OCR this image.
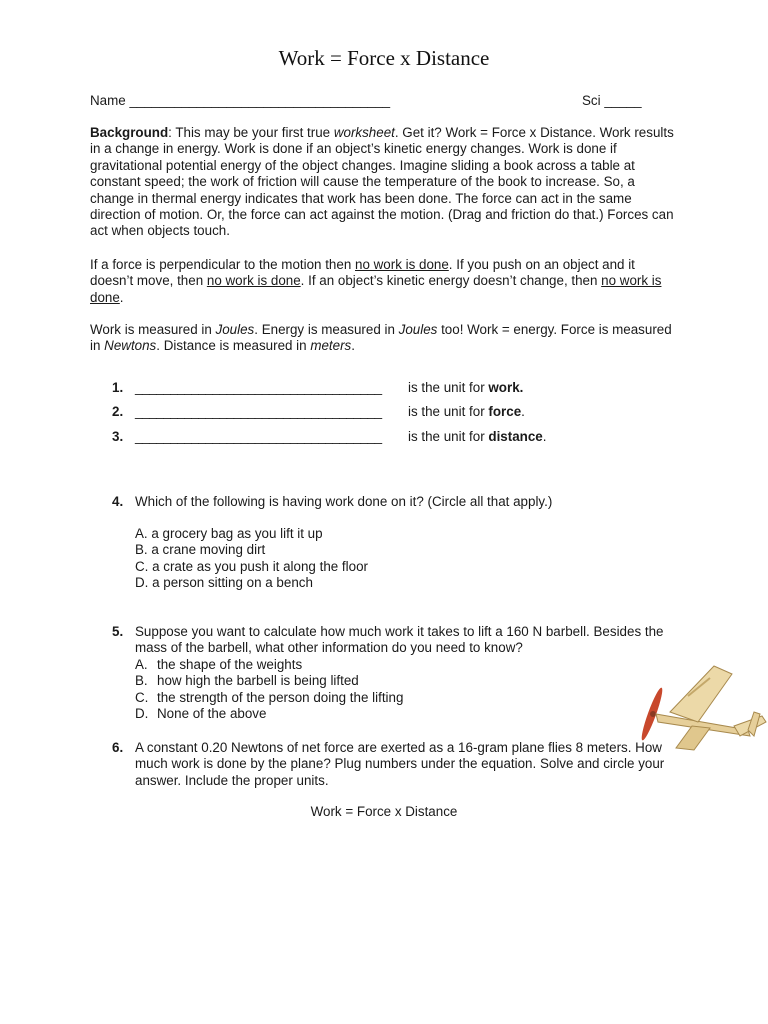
Work = Force x Distance
Name ___________________________________	Sci _____

Background: This may be your first true worksheet. Get it? Work = Force x Distance. Work results in a change in energy. Work is done if an object’s kinetic energy changes. Work is done if gravitational potential energy of the object changes. Imagine sliding a book across a table at constant speed; the work of friction will cause the temperature of the book to increase. So, a change in thermal energy indicates that work has been done. The force can act in the same direction of motion. Or, the force can act against the motion. (Drag and friction do that.) Forces can act when objects touch.

If a force is perpendicular to the motion then no work is done. If you push on an object and it doesn’t move, then no work is done. If an object’s kinetic energy doesn’t change, then no work is done.

Work is measured in Joules. Energy is measured in Joules too! Work = energy. Force is measured in Newtons. Distance is measured in meters.

1. ___________________________________ is the unit for work.
2. ___________________________________ is the unit for force.
3. ___________________________________ is the unit for distance.
4. Which of the following is having work done on it? (Circle all that apply.)
A. a grocery bag as you lift it up
B. a crane moving dirt
C. a crate as you push it along the floor
D. a person sitting on a bench
5. Suppose you want to calculate how much work it takes to lift a 160 N barbell. Besides the mass of the barbell, what other information do you need to know?
A. the shape of the weights
B. how high the barbell is being lifted
C. the strength of the person doing the lifting
D. None of the above
6. A constant 0.20 Newtons of net force are exerted as a 16-gram plane flies 8 meters. How much work is done by the plane? Plug numbers under the equation. Solve and circle your answer. Include the proper units.
Work = Force x Distance
